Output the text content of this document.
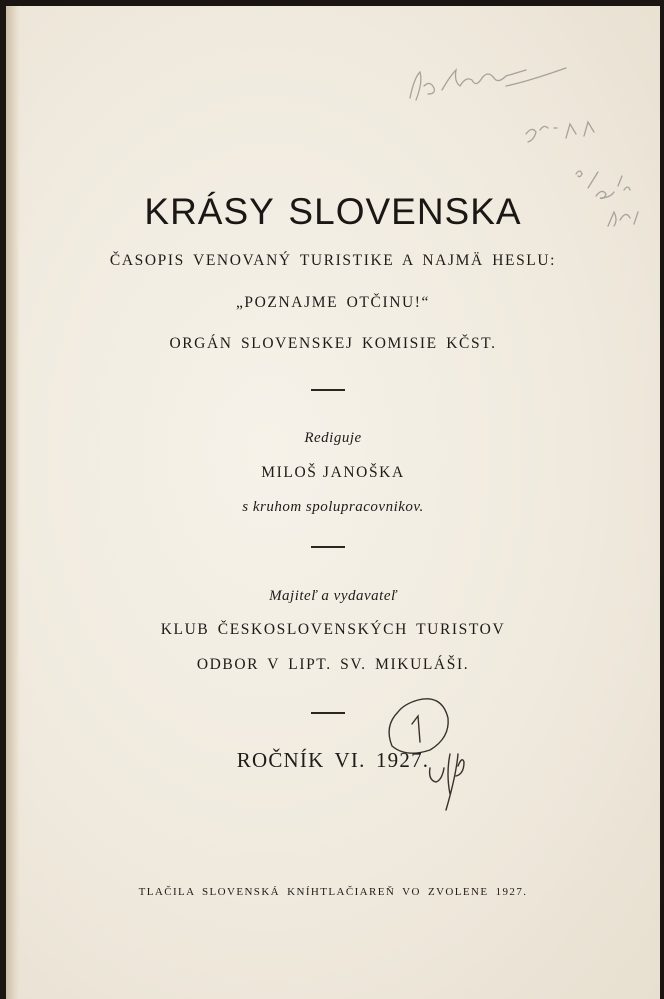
KRÁSY SLOVENSKA
ČASOPIS VENOVANÝ TURISTIKE A NAJMÄ HESLU:
„POZNAJME OTČINU!“
ORGÁN SLOVENSKEJ KOMISIE KČST.
Rediguje
MILOŠ JANOŠKA
s kruhom spolupracovnikov.
Majiteľ a vydavateľ
KLUB ČESKOSLOVENSKÝCH TURISTOV
ODBOR V LIPT. SV. MIKULÁŠI.
ROČNÍK VI. 1927.
TLAČILA SLOVENSKÁ KNÍHTLAČIAREŇ VO ZVOLENE 1927.
